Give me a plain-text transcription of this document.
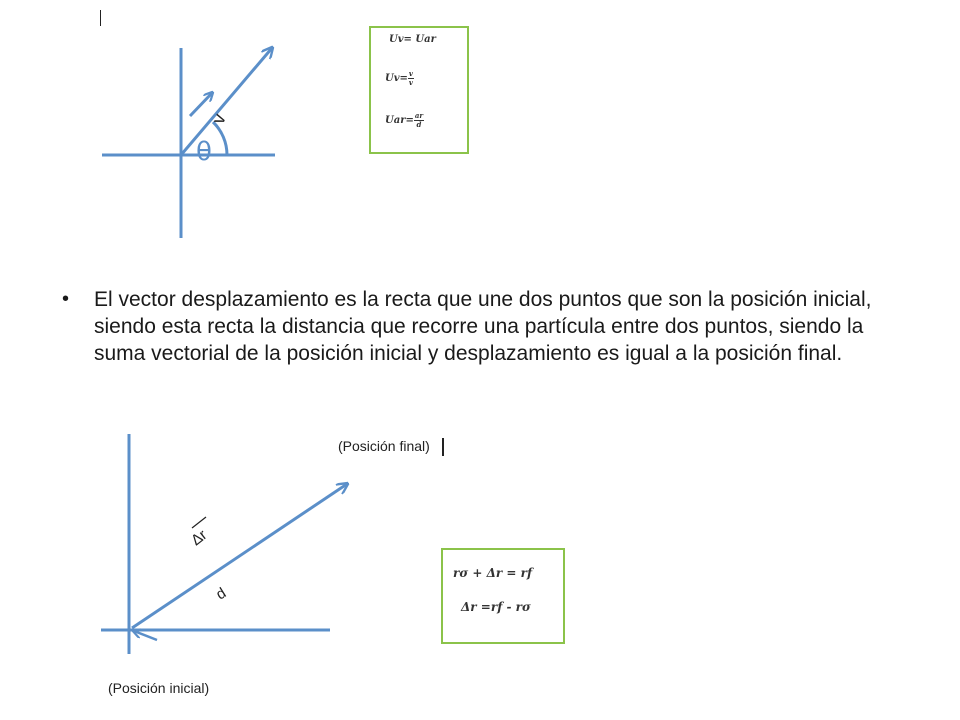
v
θ
Δr
d
Uv= Uar
$Uv= \frac{v}{v}$
$Uar= \frac{ar}{d}$
• El vector desplazamiento es la recta que une dos puntos que son la posición inicial, siendo esta recta la distancia que recorre una partícula entre dos puntos, siendo la suma vectorial de la posición inicial y desplazamiento es igual a la posición final.
(Posición final)
(Posición inicial)
rσ + Δr = rf
Δr =rf - rσ
